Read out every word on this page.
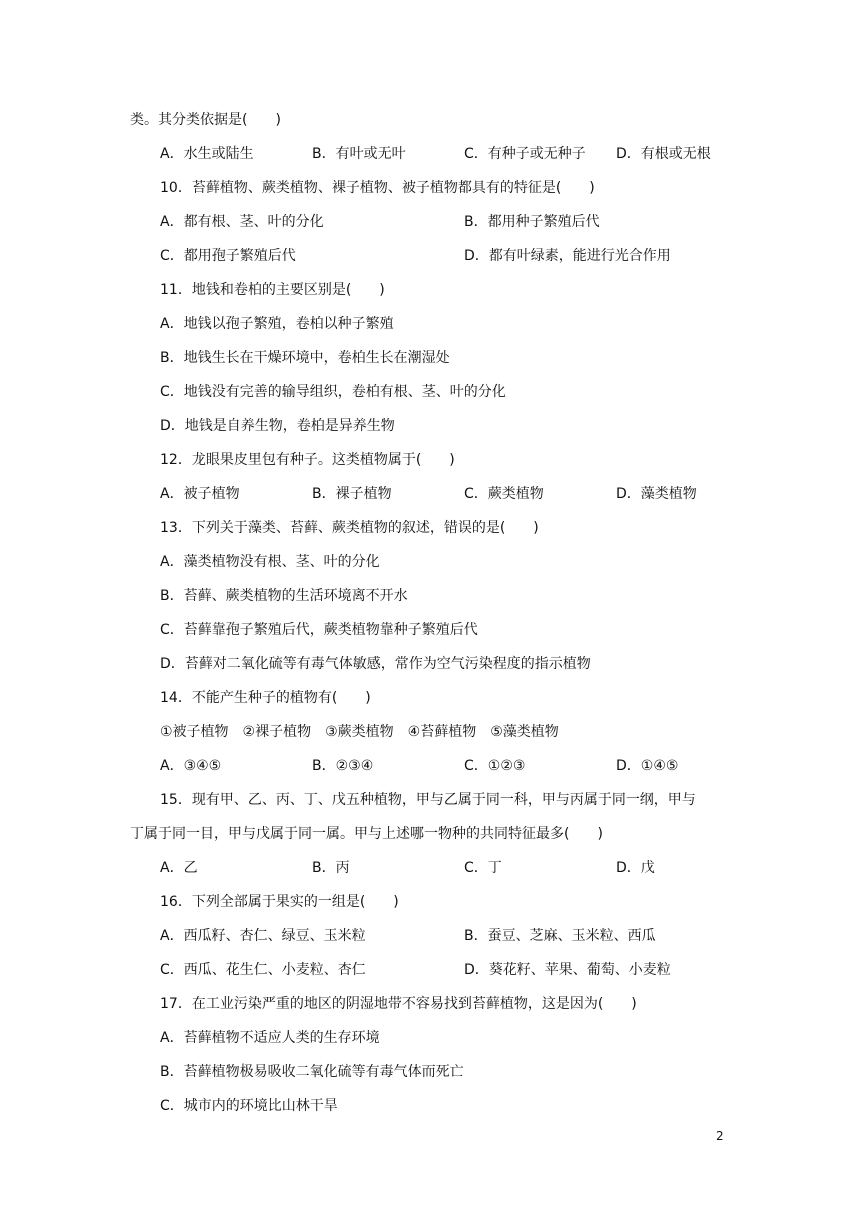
类。其分类依据是(　　)
A．水生或陆生	B．有叶或无叶	C．有种子或无种子 D．有根或无根
10．苔藓植物、蕨类植物、裸子植物、被子植物都具有的特征是(　　)
A．都有根、茎、叶的分化	B．都用种子繁殖后代
C．都用孢子繁殖后代	D．都有叶绿素，能进行光合作用
11．地钱和卷柏的主要区别是(　　)
A．地钱以孢子繁殖，卷柏以种子繁殖
B．地钱生长在干燥环境中，卷柏生长在潮湿处
C．地钱没有完善的输导组织，卷柏有根、茎、叶的分化
D．地钱是自养生物，卷柏是异养生物
12．龙眼果皮里包有种子。这类植物属于(　　)
A．被子植物	B．裸子植物	C．蕨类植物	D．藻类植物
13．下列关于藻类、苔藓、蕨类植物的叙述，错误的是(　　)
A．藻类植物没有根、茎、叶的分化
B．苔藓、蕨类植物的生活环境离不开水
C．苔藓靠孢子繁殖后代，蕨类植物靠种子繁殖后代
D．苔藓对二氧化硫等有毒气体敏感，常作为空气污染程度的指示植物
14．不能产生种子的植物有(　　)
①被子植物　②裸子植物　③蕨类植物　④苔藓植物　⑤藻类植物
A．③④⑤	B．②③④	C．①②③	D．①④⑤
15．现有甲、乙、丙、丁、戊五种植物，甲与乙属于同一科，甲与丙属于同一纲，甲与
丁属于同一目，甲与戊属于同一属。甲与上述哪一物种的共同特征最多(　　)
A．乙	B．丙	C．丁	D．戊
16．下列全部属于果实的一组是(　　)
A．西瓜籽、杏仁、绿豆、玉米粒	B．蚕豆、芝麻、玉米粒、西瓜
C．西瓜、花生仁、小麦粒、杏仁	D．葵花籽、苹果、葡萄、小麦粒
17．在工业污染严重的地区的阴湿地带不容易找到苔藓植物，这是因为(　　)
A．苔藓植物不适应人类的生存环境
B．苔藓植物极易吸收二氧化硫等有毒气体而死亡
C．城市内的环境比山林干旱
2
